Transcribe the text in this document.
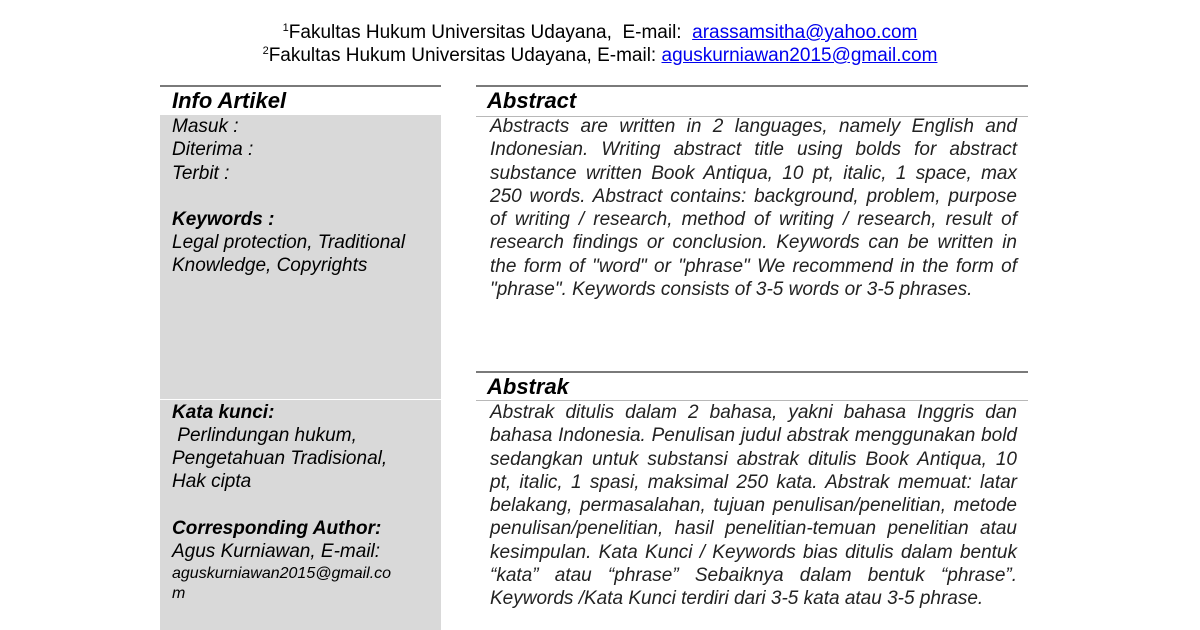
$^1$Fakultas Hukum Universitas Udayana,  E-mail:  arassamsitha@yahoo.com
$^2$Fakultas Hukum Universitas Udayana, E-mail: aguskurniawan2015@gmail.com
Info Artikel
Masuk :
Diterima :
Terbit :
Keywords :
Legal protection, Traditional
Knowledge, Copyrights
Kata kunci:
Perlindungan hukum,
Pengetahuan Tradisional,
Hak cipta
Corresponding Author:
Agus Kurniawan, E-mail:
aguskurniawan2015@gmail.co
m
Abstract
Abstracts are written in 2 languages, namely English and Indonesian. Writing abstract title using bolds for abstract substance written Book Antiqua, 10 pt, italic, 1 space, max 250 words. Abstract contains: background, problem, purpose of writing / research, method of writing / research, result of research findings or conclusion. Keywords can be written in the form of "word" or "phrase" We recommend in the form of "phrase". Keywords consists of 3-5 words or 3-5 phrases.
Abstrak
Abstrak ditulis dalam 2 bahasa, yakni bahasa Inggris dan bahasa Indonesia. Penulisan judul abstrak menggunakan bold sedangkan untuk substansi abstrak ditulis Book Antiqua, 10 pt, italic, 1 spasi, maksimal 250 kata. Abstrak memuat: latar belakang, permasalahan, tujuan penulisan/penelitian, metode penulisan/penelitian, hasil penelitian-temuan penelitian atau kesimpulan. Kata Kunci / Keywords bias ditulis dalam bentuk “kata” atau “phrase” Sebaiknya dalam bentuk “phrase”. Keywords /Kata Kunci terdiri dari 3-5 kata atau 3-5 phrase.
